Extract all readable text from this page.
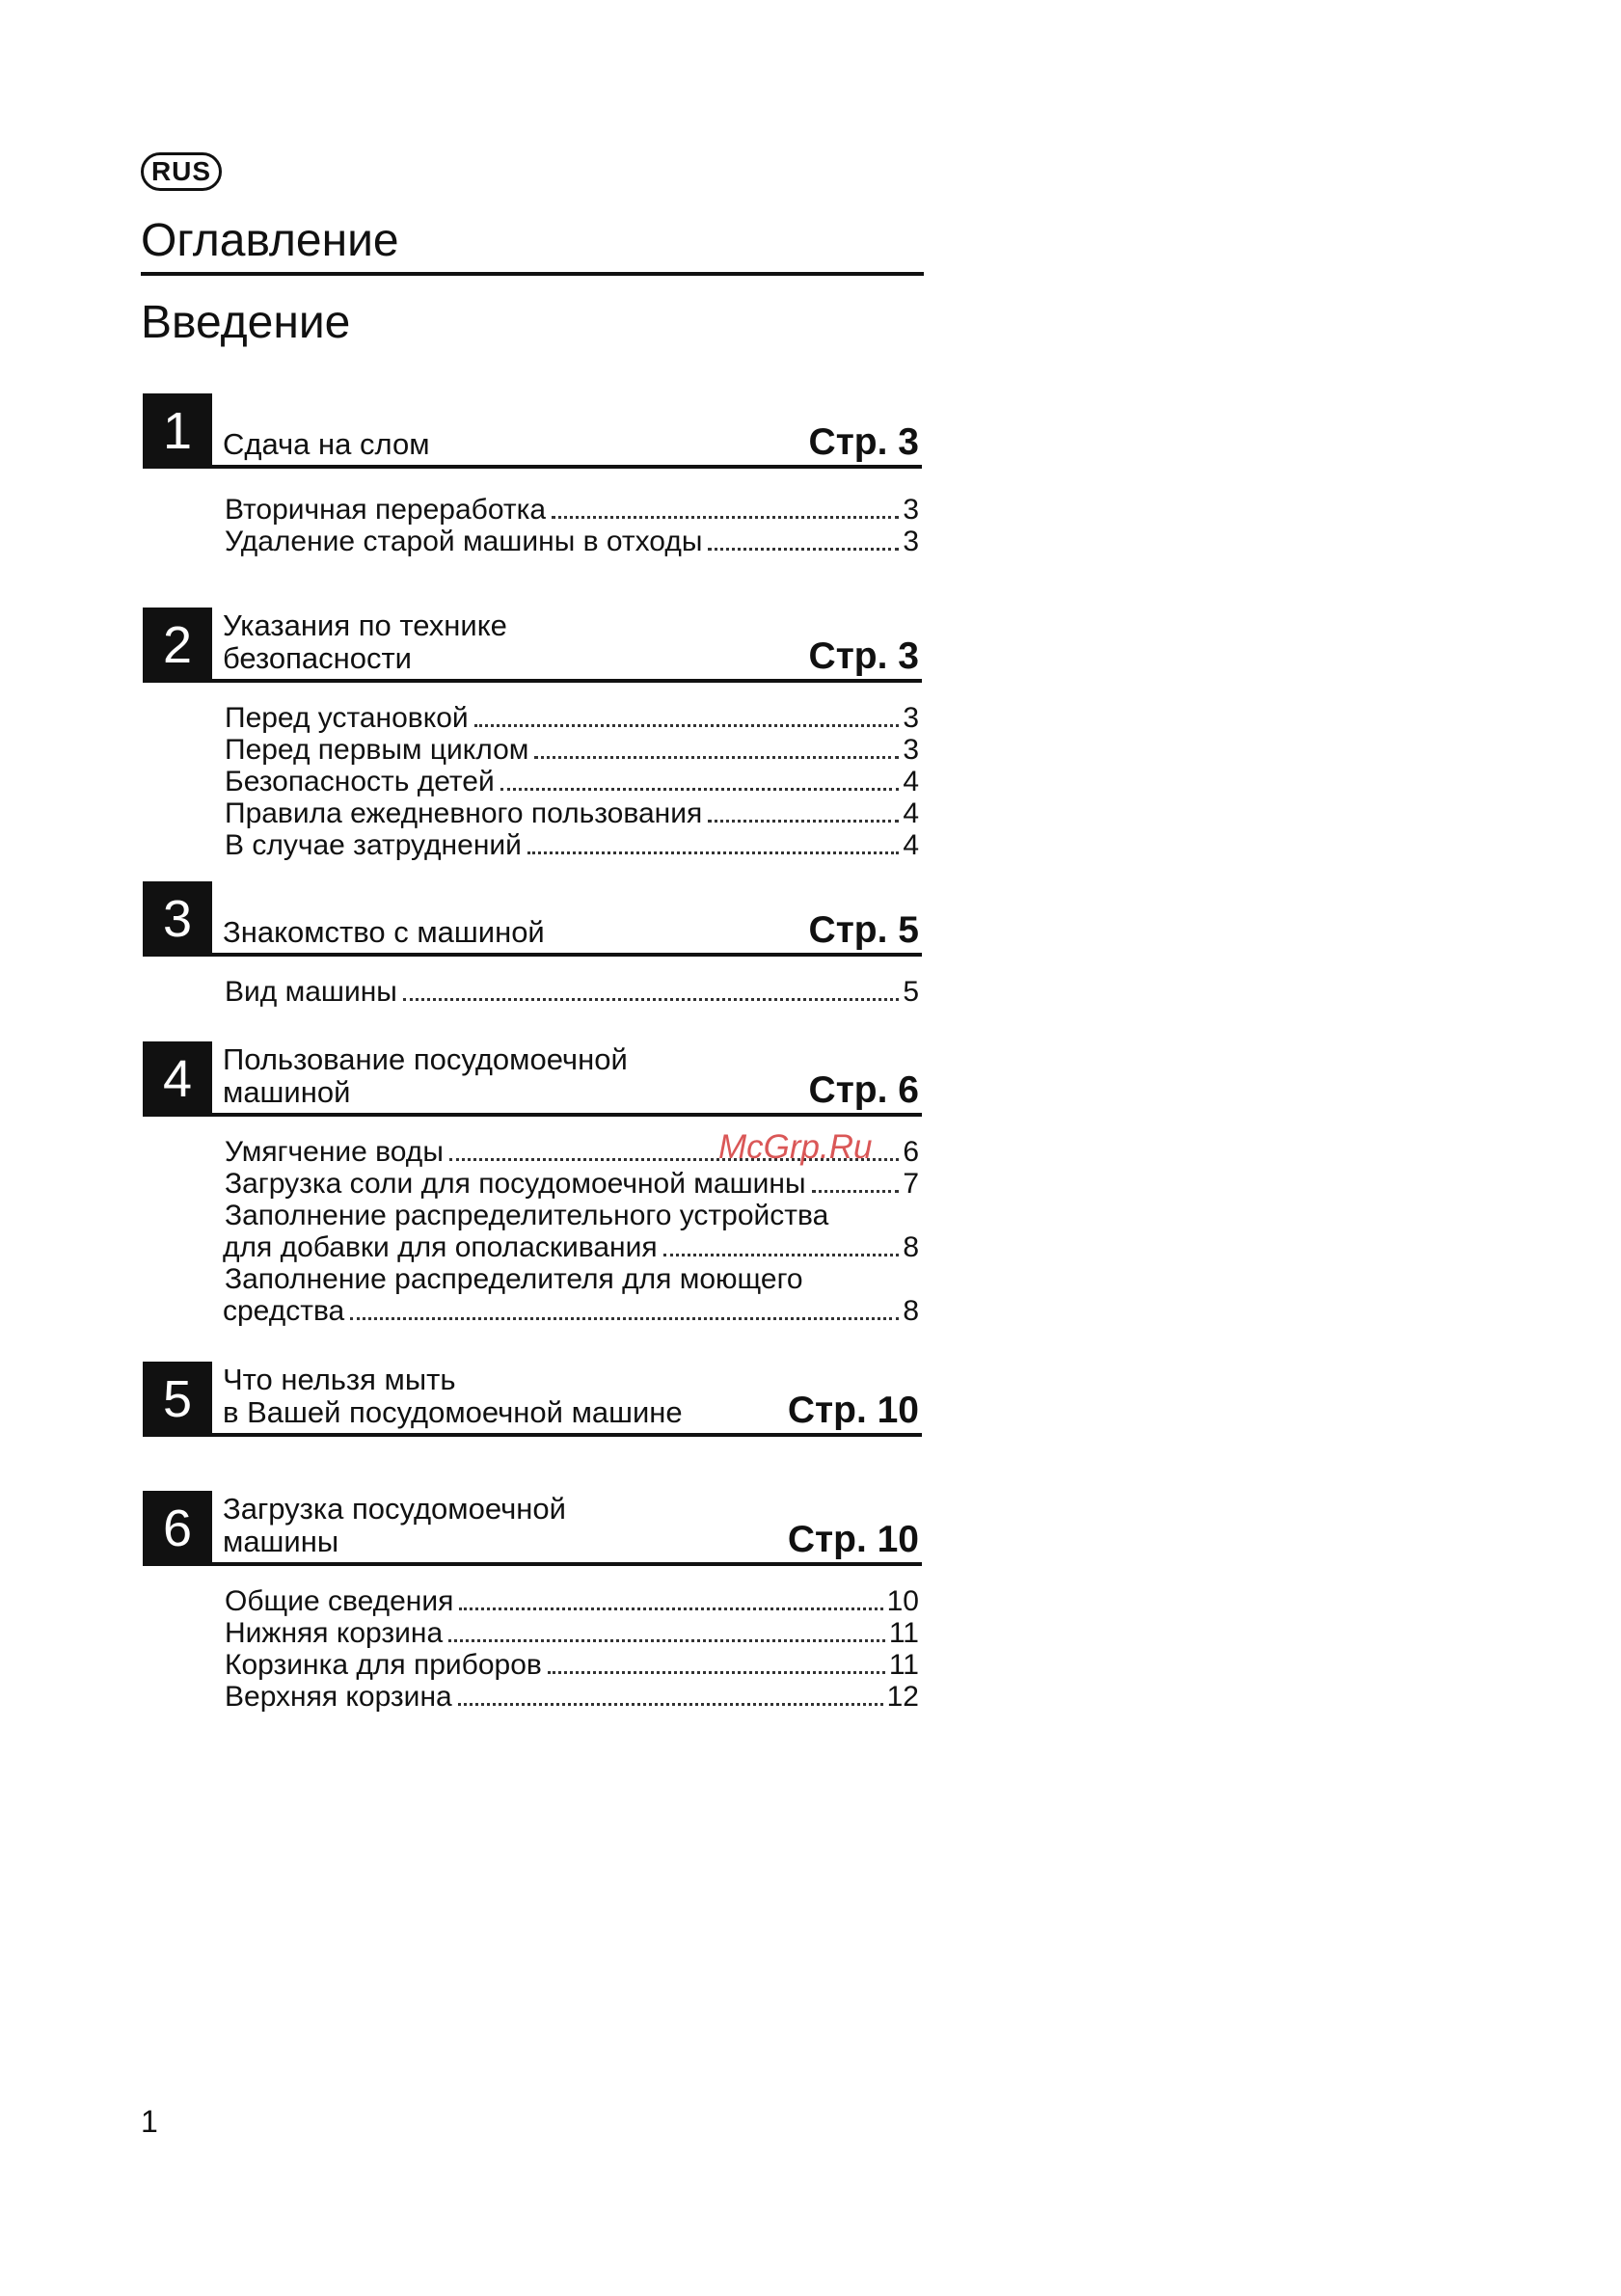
RUS
Оглавление
Введение
1	Сдача на слом	Стр. 3
Вторичная переработка	3
Удаление старой машины в отходы	3
2	Указания по технике
безопасности	Стр. 3
Перед установкой	3
Перед первым циклом	3
Безопасность детей	4
Правила ежедневного пользования	4
В случае затруднений	4
3	Знакомство с машиной	Стр. 5
Вид машины	5
4	Пользование посудомоечной
машиной	Стр. 6
Умягчение воды	6
Загрузка соли для посудомоечной машины	7
Заполнение распределительного устройства
для добавки для ополаскивания	8
Заполнение распределителя для моющего
средства	8
5	Что нельзя мыть
в Вашей посудомоечной машине	Стр. 10
6	Загрузка посудомоечной
машины	Стр. 10
Общие сведения	10
Нижняя корзина	11
Корзинка для приборов	11
Верхняя корзина	12
McGrp.Ru
1
